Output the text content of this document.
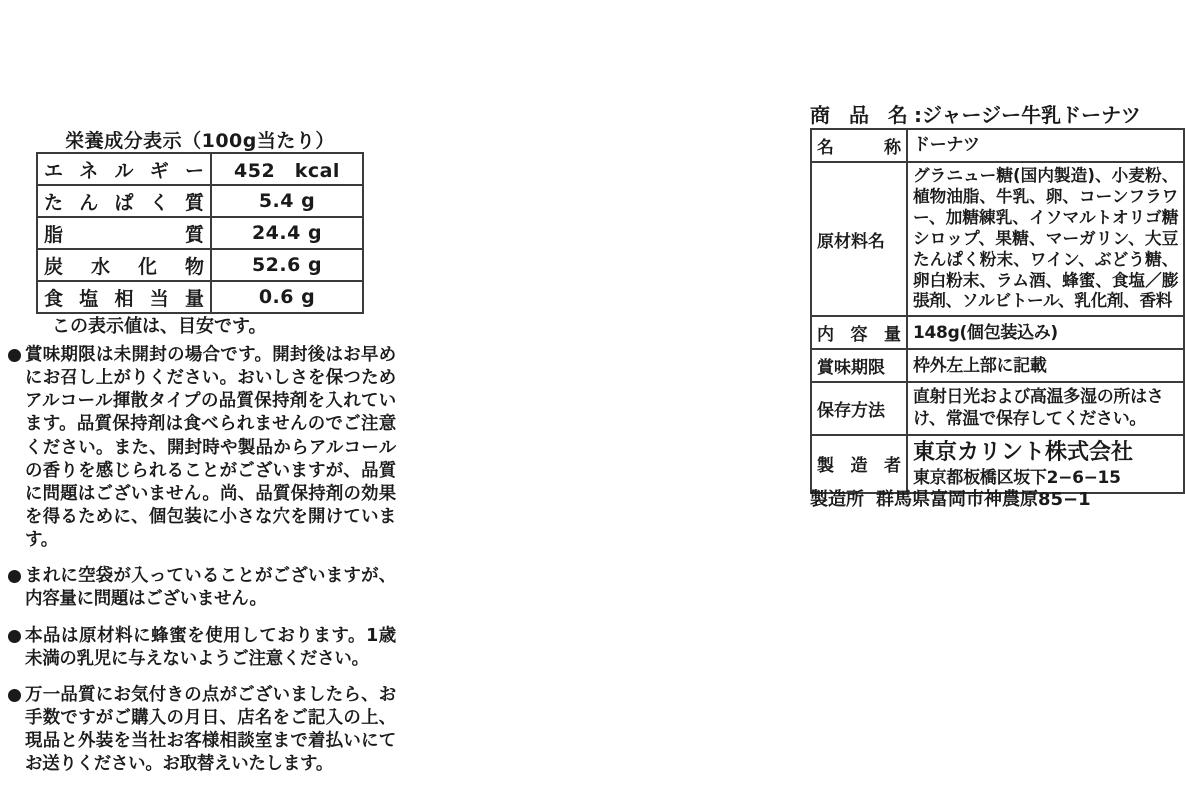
栄養成分表示（100g当たり）
エネルギー	452　kcal
たんぱく質	5.4 g
脂　　　質	24.4 g
炭水化物	52.6 g
食塩相当量	0.6 g
この表示値は、目安です。

賞味期限は未開封の場合です。開封後はお早めにお召し上がりください。おいしさを保つためアルコール揮散タイプの品質保持剤を入れています。品質保持剤は食べられませんのでご注意ください。また、開封時や製品からアルコールの香りを感じられることがございますが、品質に問題はございません。尚、品質保持剤の効果を得るために、個包装に小さな穴を開けています。

まれに空袋が入っていることがございますが、内容量に問題はございません。

本品は原材料に蜂蜜を使用しております。1歳未満の乳児に与えないようご注意ください。

万一品質にお気付きの点がございましたら、お手数ですがご購入の月日、店名をご記入の上、現品と外装を当社お客様相談室まで着払いにてお送りください。お取替えいたします。

商 品 名:ジャージー牛乳ドーナツ
名　　称	ドーナツ
原材料名	グラニュー糖(国内製造)、小麦粉、植物油脂、牛乳、卵、コーンフラワー、加糖練乳、イソマルトオリゴ糖シロップ、果糖、マーガリン、大豆たんぱく粉末、ワイン、ぶどう糖、卵白粉末、ラム酒、蜂蜜、食塩／膨張剤、ソルビトール、乳化剤、香料
内容量	148g(個包装込み)
賞味期限	枠外左上部に記載
保存方法	直射日光および高温多湿の所はさけ、常温で保存してください。
製 造 者	東京カリント株式会社
東京都板橋区坂下2−6−15
製造所 群馬県富岡市神農原85−1
